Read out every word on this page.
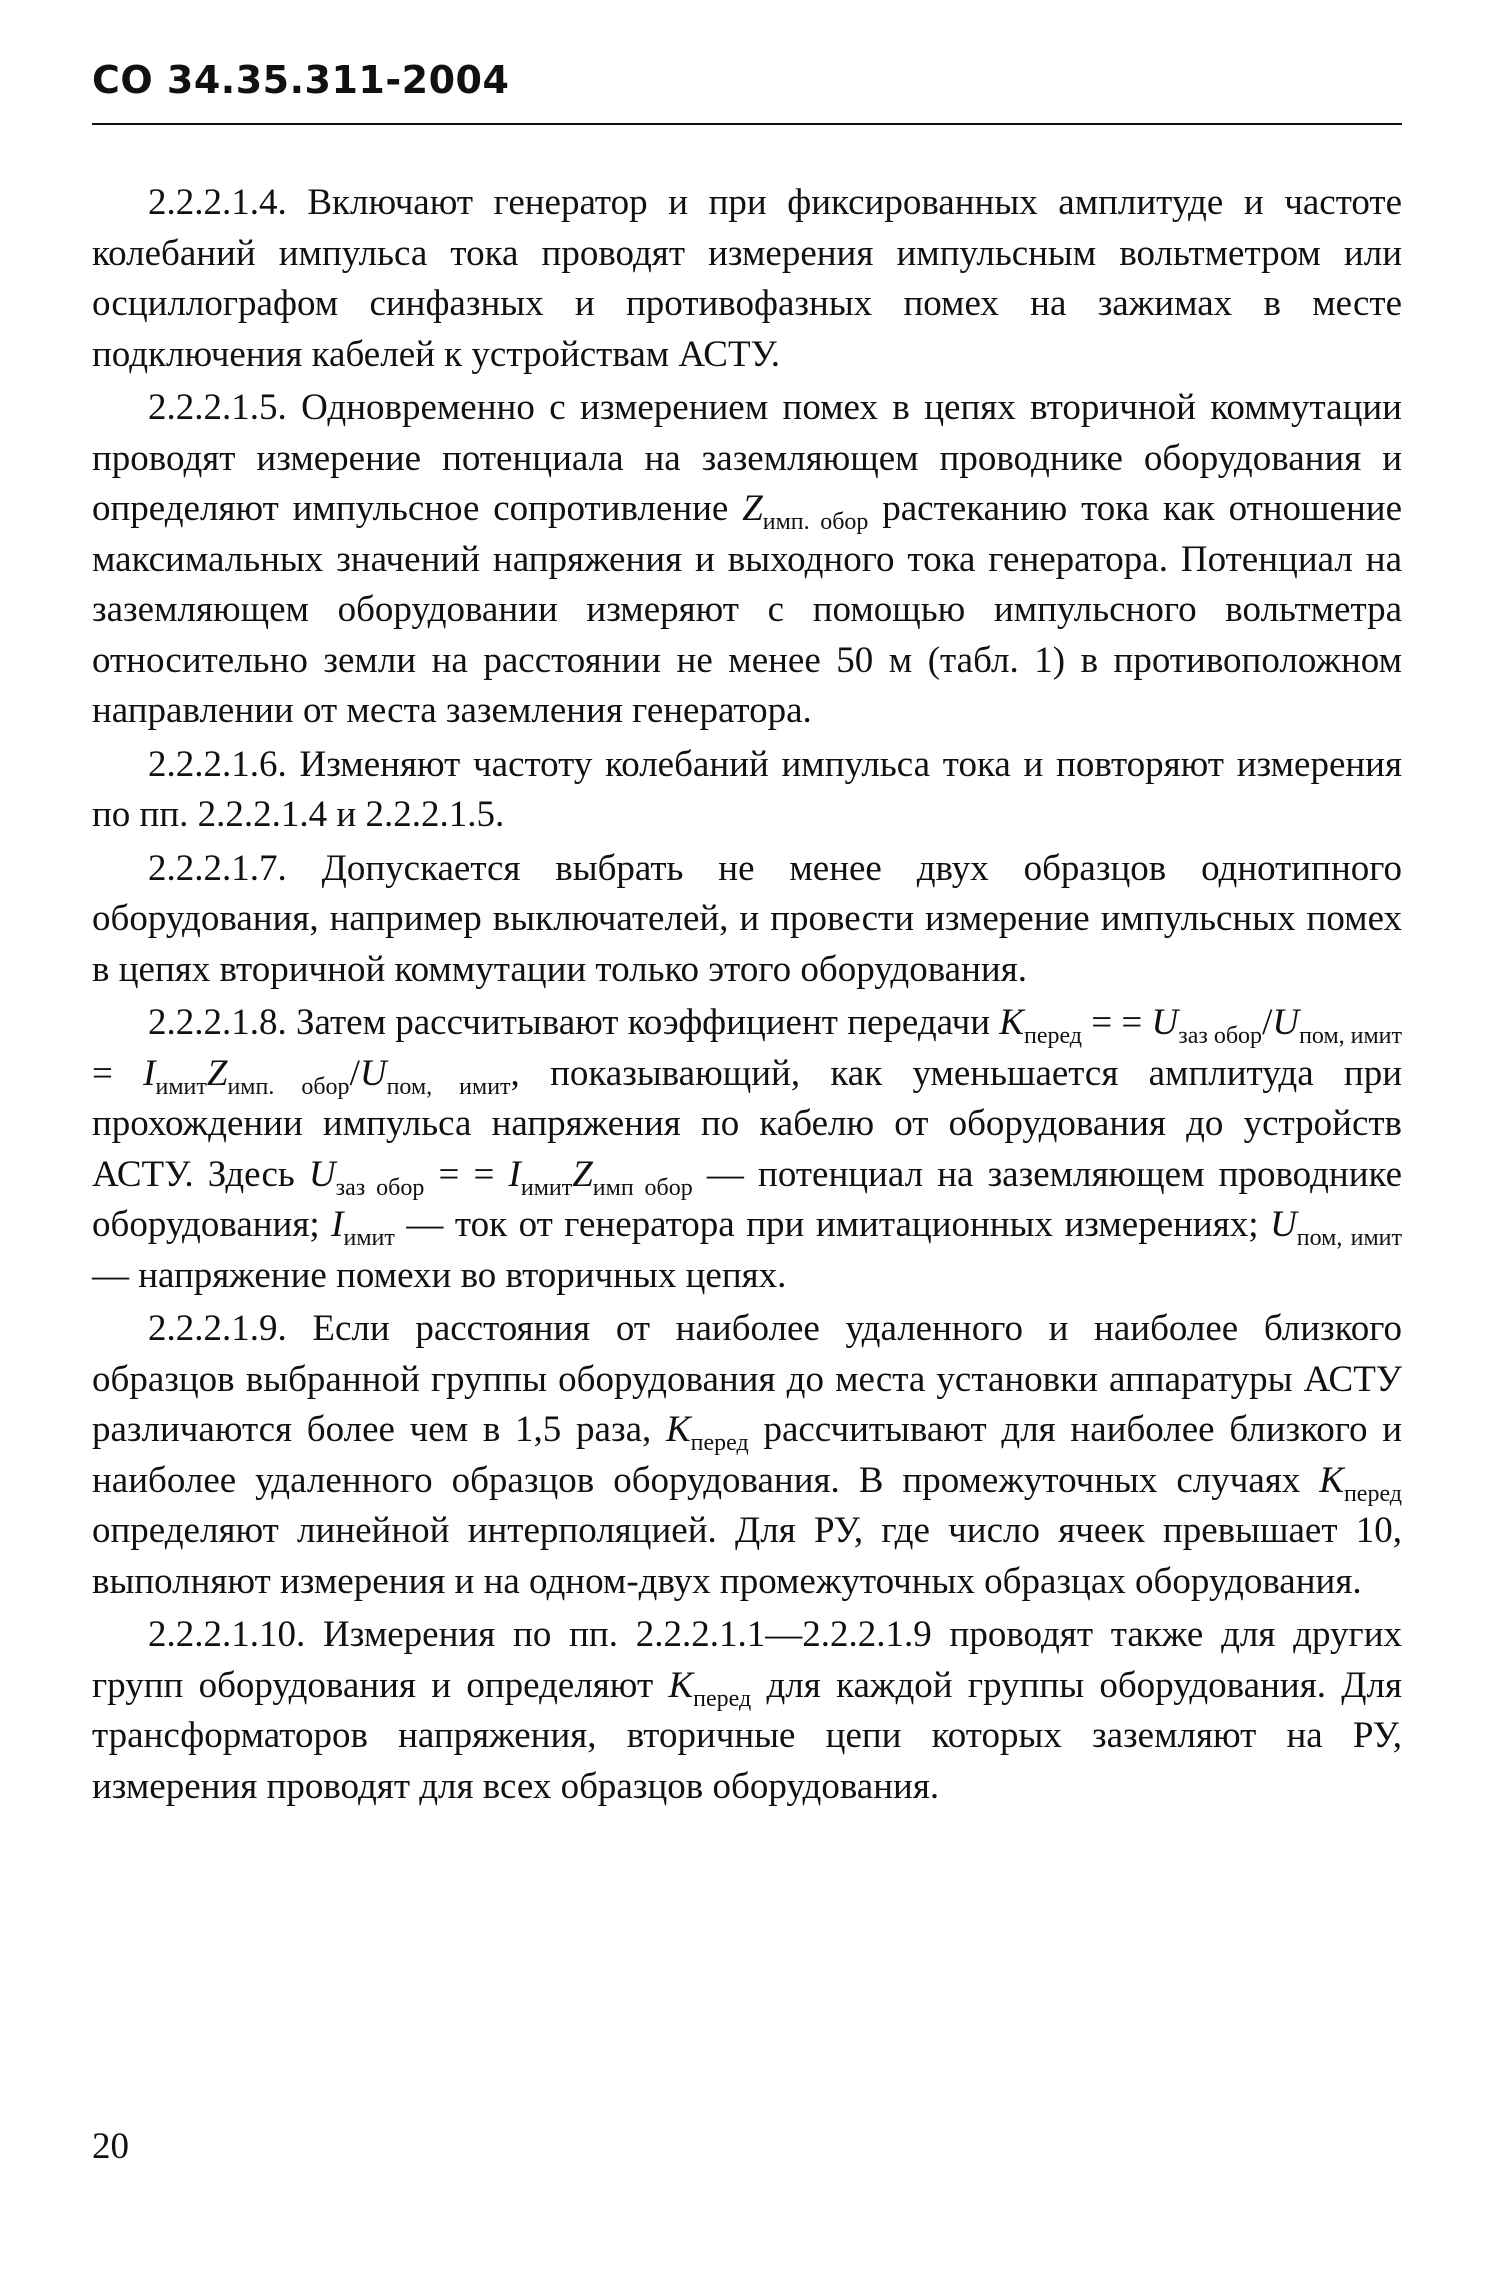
СО 34.35.311-2004

2.2.2.1.4. Включают генератор и при фиксированных амплитуде и частоте колебаний импульса тока проводят измерения импульсным вольтметром или осциллографом синфазных и противофазных помех на зажимах в месте подключения кабелей к устройствам АСТУ.

2.2.2.1.5. Одновременно с измерением помех в цепях вторичной коммутации проводят измерение потенциала на заземляющем проводнике оборудования и определяют импульсное сопротивление $Z_{имп. обор}$ растеканию тока как отношение максимальных значений напряжения и выходного тока генератора. Потенциал на заземляющем оборудовании измеряют с помощью импульсного вольтметра относительно земли на расстоянии не менее 50 м (табл. 1) в противоположном направлении от места заземления генератора.

2.2.2.1.6. Изменяют частоту колебаний импульса тока и повторяют измерения по пп. 2.2.2.1.4 и 2.2.2.1.5.

2.2.2.1.7. Допускается выбрать не менее двух образцов однотипного оборудования, например выключателей, и провести измерение импульсных помех в цепях вторичной коммутации только этого оборудования.

2.2.2.1.8. Затем рассчитывают коэффициент передачи $K_{перед}$ = = $U_{заз обор}/U_{пом, имит} = I_{имит}Z_{имп. обор}/U_{пом, имит}$, показывающий, как уменьшается амплитуда при прохождении импульса напряжения по кабелю от оборудования до устройств АСТУ. Здесь $U_{заз обор}$ = = $I_{имит}Z_{имп обор}$ — потенциал на заземляющем проводнике оборудования; $I_{имит}$ — ток от генератора при имитационных измерениях; $U_{пом, имит}$ — напряжение помехи во вторичных цепях.

2.2.2.1.9. Если расстояния от наиболее удаленного и наиболее близкого образцов выбранной группы оборудования до места установки аппаратуры АСТУ различаются более чем в 1,5 раза, $K_{перед}$ рассчитывают для наиболее близкого и наиболее удаленного образцов оборудования. В промежуточных случаях $K_{перед}$ определяют линейной интерполяцией. Для РУ, где число ячеек превышает 10, выполняют измерения и на одном-двух промежуточных образцах оборудования.

2.2.2.1.10. Измерения по пп. 2.2.2.1.1—2.2.2.1.9 проводят также для других групп оборудования и определяют $K_{перед}$ для каждой группы оборудования. Для трансформаторов напряжения, вторичные цепи которых заземляют на РУ, измерения проводят для всех образцов оборудования.

20
